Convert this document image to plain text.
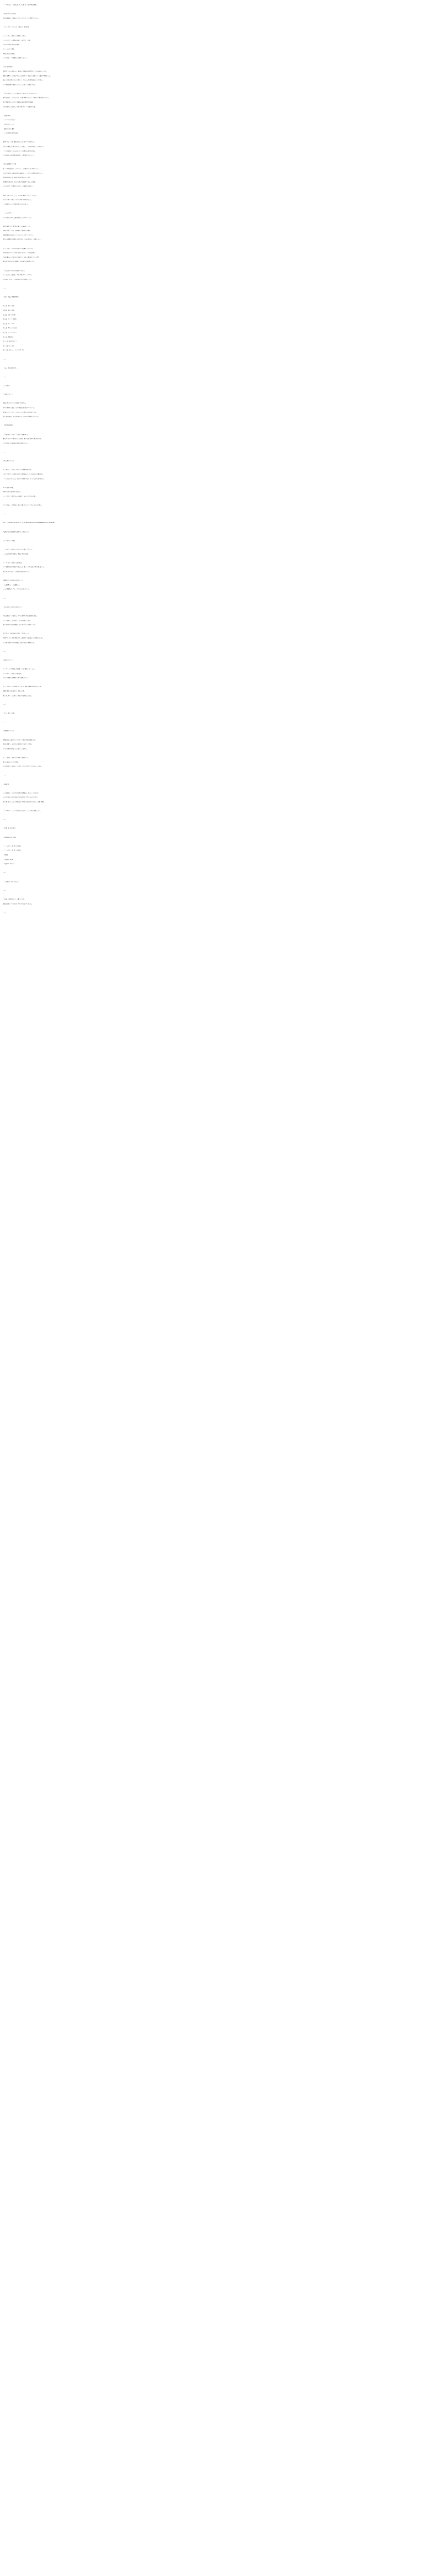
「ラブライブ！」に最も近いあの人物：第一節の考察と感想
【作品に向き合う前に】
作品全体を通して描かれていたものについて少し整理してみたい。
「スクールアイドル」という存在と、その意味。
ここで一度、大切なことを確認しておく。
グループとしての活動の意味と、個人としての夢。
それぞれの想いが交わる場所。
ステージに立つ理由。
仲間と共に歩む時間。
その全てが一つの物語として繋がっていく。
【第一話の感想】
物語はここから始まった。最初の一歩を踏み出す勇気と、それを支える人たち。
廃校の危機という状況の中で、自分たちにできることを探していく姿が印象的だった。
誰かのために動くことの大切さと、自分のために夢を見ることの大切さ。
その両方が同時に描かれていたことに強く心を動かされた。
「やってみたい」という気持ちが、周りを少しずつ変えていく。
最初は反対していた人たちも、次第に理解を示していく流れが丁寧に描かれていた。
特に印象に残ったのは、放課後の屋上で練習する場面。
夕日に照らされながら、何度も同じステップを繰り返す姿。
・結成の理由
・メンバーとの出会い
・初めてのステージ
・観客のいない講堂
・それでも歌い続けた意味
講堂でのライブは、観客がほとんどいない中で行われた。
それでも最後まで歌い切った三人の姿は、この作品の原点と言えるだろう。
「いつか満員にしてみせる」という言葉に込められた想い。
その約束が、後の物語全体を貫く一本の線になっていく。
【第二話以降について】
新しい仲間が加わり、グループとしての形が少しずつ整っていく。
それぞれが抱える悩みや迷いが描かれ、一人ひとりの物語が見えてくる。
作曲担当の彼女が、最初は参加を断っていた理由。
作詞担当の彼女が、自分の言葉に自信を持てなかった理由。
それらが少しずつ解きほぐされていく過程が心地よい。
仲間になるということは、ただ同じ場所に立つことではない。
お互いの弱さを知り、それでも隣に立ち続けること。
この作品はそのことを繰り返し伝えてくれる。
「一人じゃない」
その言葉の重みが、話数を重ねるごとに増していく。
練習の場面では、体力的な厳しさも描かれていた。
毎朝の階段ダッシュ、発声練習、振り付けの確認。
地道な積み重ねがあってこそのステージだということ。
華やかな表舞台の裏側にある努力を、この作品は決して省略しない。
また、生徒会との対立も物語の大きな軸になっている。
学校を守りたいという想いは同じなのに、その方法が違う。
立場の違いから生まれるすれ違いと、それを乗り越えていく過程。
最終的に手を取り合う場面は、何度見ても胸が熱くなる。
「あなたたちのやり方は認められない」
そう言っていた彼女が、やがて同じステージに立つ。
その変化こそが、この作品の持つ力の証明だと思う。
……。
（以下、各話の詳細な考察）
第三話：迷いと決意
第四話：新しい仲間
第五話：それぞれの夢
第六話：センターは誰だ
第七話：エリーチカ
第八話：やりたいことは
第九話：ワンダーゾーン
第十話：先輩禁止！
第十一話：最高のライブ
第十二話：ともだち
第十三話：μ'sミュージックスタート！
……。
「ねえ、次は何をする？」
……。
（まだ続く）
【音楽について】
楽曲の持つ力についても触れておきたい。
作中で歌われる曲は、どれも物語と深く結びついている。
歌詞の一つひとつに、キャラクターの想いが込められている。
特に最初の曲は、まだ誰も知らない三人の決意表明のようだった。
「START:DASH!!」
この曲は講堂でのライブで初めて披露された。
観客がいない中で歌われたこの曲が、後に満員の講堂で再び歌われる。
その対比が、作品全体の成長を象徴している。
……。
【第二期について】
第二期では、ラブライブ本大会への挑戦が描かれる。
三年生の卒業という避けられない別れを前にして、彼女たちが選んだ道。
「今しかできないこと」を全力でやり切る姿に、多くの人が心を打たれた。
雪の中を走る場面。
仲間のために道を作る生徒たち。
一人ではたどり着けなかった場所に、みんなの力で辿り着く。
これこそが、この作品が一貫して描いてきたテーマだったのだと思う。
……。
1 2 3 4 5 6 7 8 9 10 11 12 13 14 15 16 17 18 19 20 21 22 23 24 25 26 27 28 29 30
※話数ごとの評価は別の記事にまとめています。
【キャラクター考察】
ここからは、各キャラクターについて掘り下げていく。
一人ひとりが持つ背景と、物語の中での役割。
リーダーとして皆を引っ張る彼女。
その行動力は時に無謀にも見えるが、誰よりも真っ直ぐに夢を追いかける。
彼女がいなければ、この物語は始まらなかった。
幼馴染として彼女を支え続ける二人。
一人は冷静に、一人は優しく。
三人の関係性が、グループの土台になっている。
……。
「私たちは、私たちのままでいい」
生徒会長としての責任と、本当の気持ちの間で揺れ動く彼女。
バレエを続けてきた過去と、それを手放した理由。
彼女が仲間に加わる場面は、第一期の大きな山場の一つだ。
副会長として彼女を見守り続けてきたもう一人。
実はグループの名付け親であり、誰よりも全員が揃うことを願っていた。
その想いが明かされる場面は、静かだが深い感動がある。
……。
【演出について】
ライブシーンの演出は、回を追うごとに進化していった。
カメラワーク、照明、衣装の変化。
どれもが楽曲の世界観を丁寧に表現している。
また、日常パートの何気ない会話にも、細かな演出が込められている。
視線の動き、間の取り方、背景の小物。
繰り返し見ることで新しい発見がある作品だと思う。
……。
「叶え、私たちの夢」
……。
【劇場版について】
劇場版では、海外でのライブという新しい舞台が描かれる。
見知らぬ街で、自分たちの歌が届くのかという不安。
それでも歌い続けることで見えてくるもの。
そして物語は、彼女たちの選択で幕を閉じる。
終わりを決めることの勇気。
それは始まりを決めることと同じくらい大切なことなのかもしれない。
……。
【最後に】
この作品が多くの人に愛され続ける理由は、きっと一つではない。
それぞれが自分の中の何かと重ね合わせて見ているのだと思う。
夢を追いかけること、仲間と過ごす時間、終わりがあるからこそ輝く瞬間。
「ラブライブ！」という作品に出会えたことに、改めて感謝したい。
……。
（次回、第二節に続く）
【関連する作品・参考】
・テレビアニメ第一期（全13話）
・テレビアニメ第二期（全13話）
・劇場版
・各種ライブ映像
・楽曲CD・アルバム
……。
「一度きりの今を、全力で」
……。
ご意見・ご感想はコメント欄へどうぞ。
最後まで読んでいただき、ありがとうございました。
（了）
